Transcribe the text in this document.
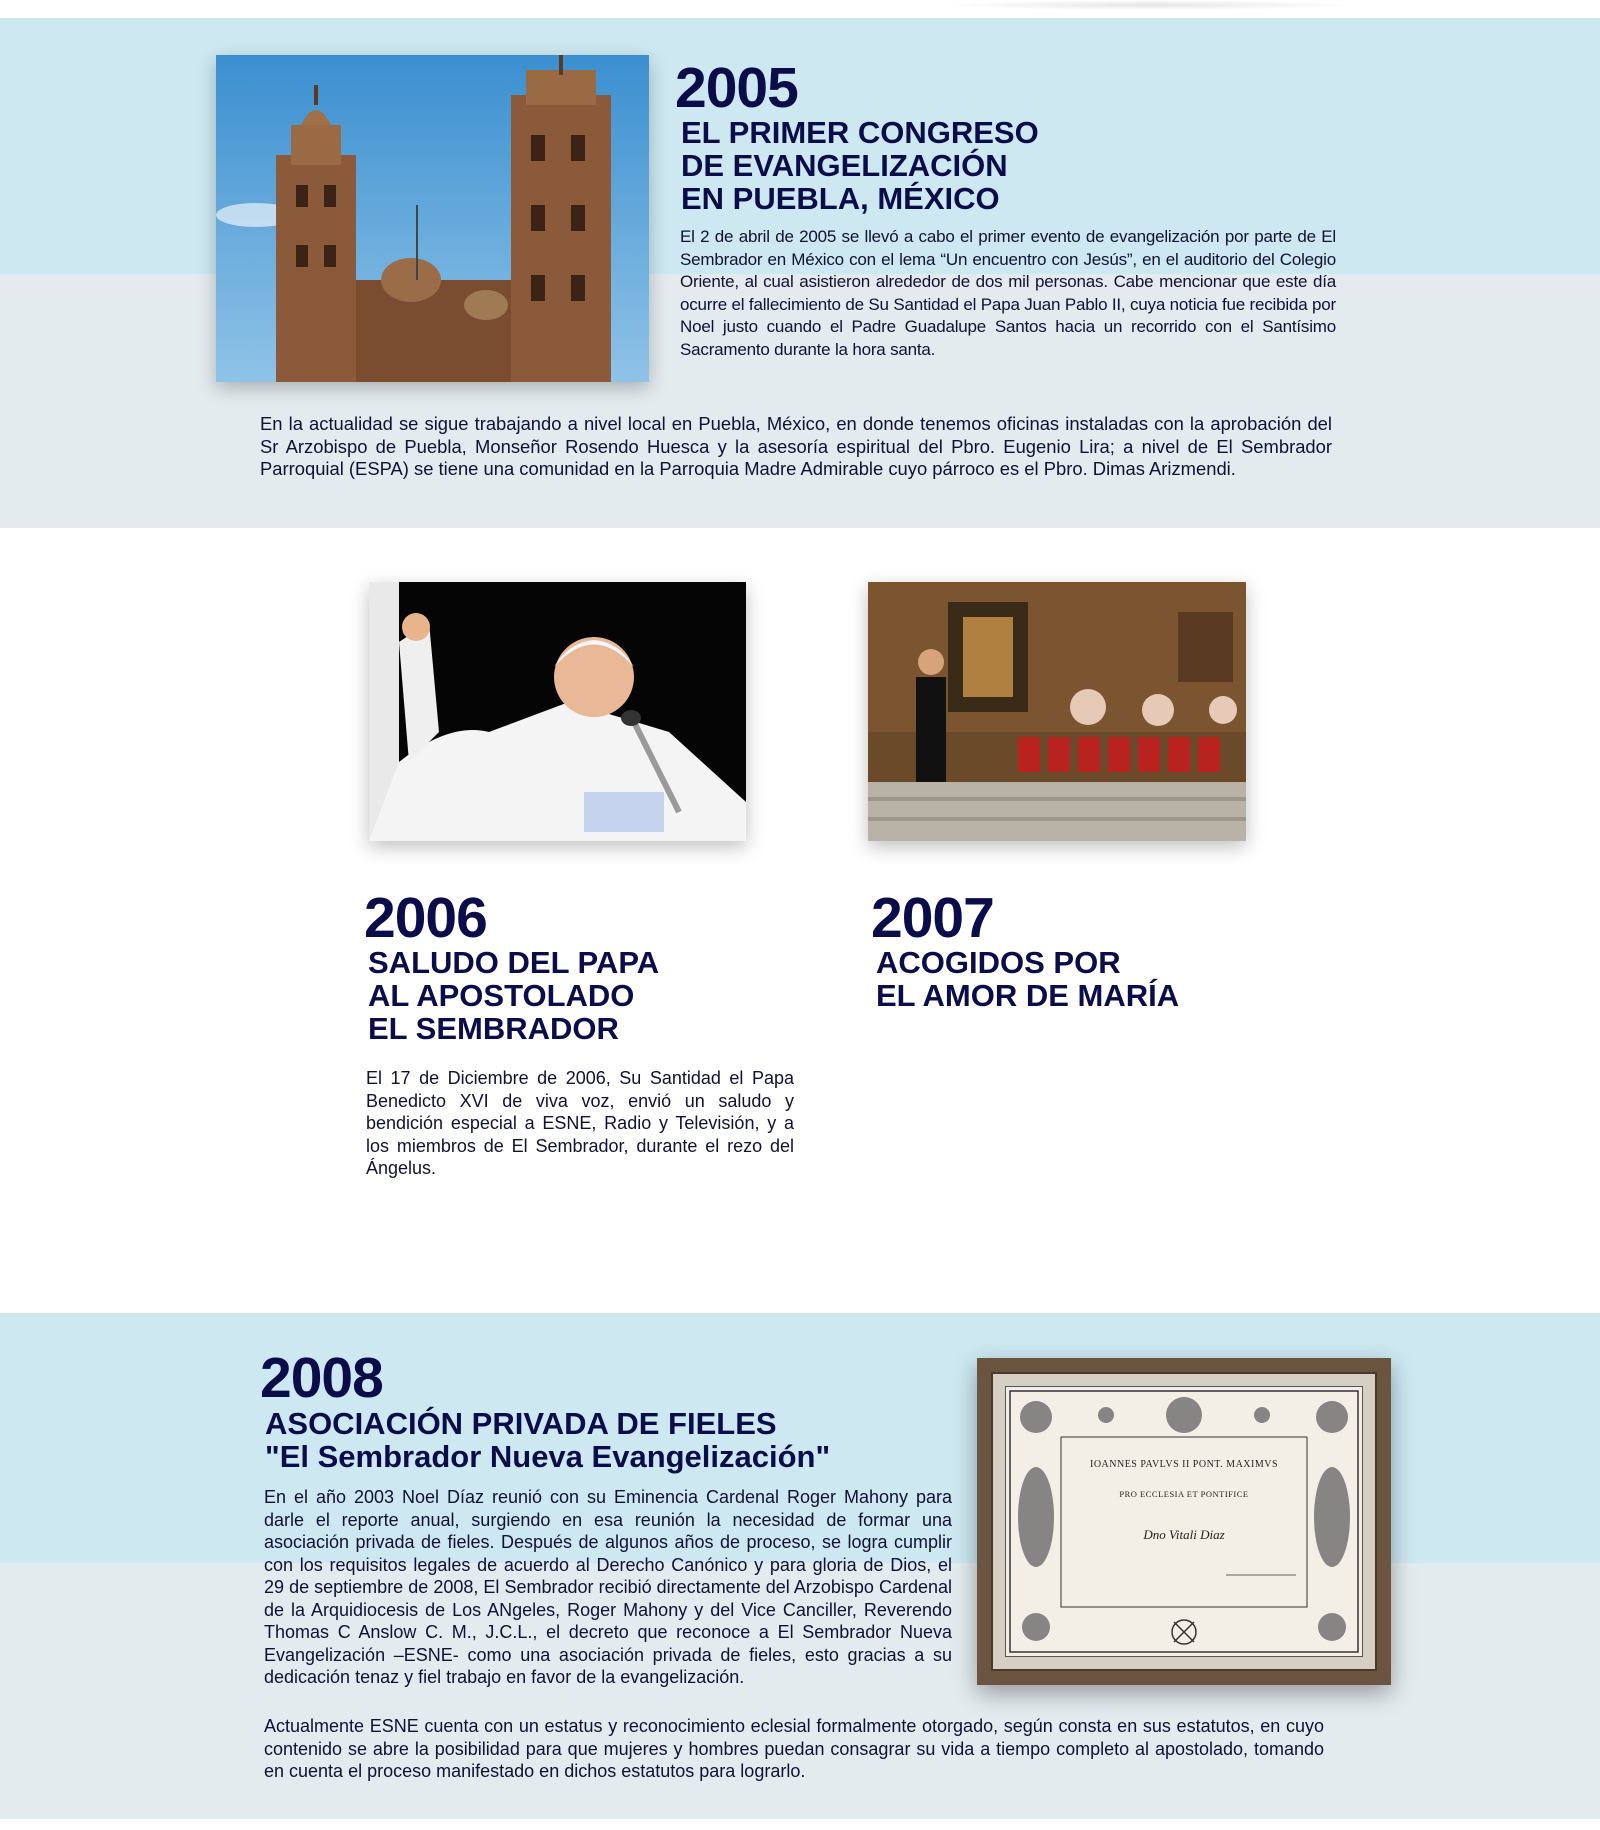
2005
EL PRIMER CONGRESO
DE EVANGELIZACIÓN
EN PUEBLA, MÉXICO

El 2 de abril de 2005 se llevó a cabo el primer evento de evangelización por parte de El Sembrador en México con el lema “Un encuentro con Jesús”, en el auditorio del Colegio Oriente, al cual asistieron alrededor de dos mil personas. Cabe mencionar que este día ocurre el fallecimiento de Su Santidad el Papa Juan Pablo II, cuya noticia fue recibida por Noel justo cuando el Padre Guadalupe Santos hacia un recorrido con el Santísimo Sacramento durante la hora santa.

En la actualidad se sigue trabajando a nivel local en Puebla, México, en donde tenemos oficinas instaladas con la aprobación del Sr Arzobispo de Puebla, Monseñor Rosendo Huesca y la asesoría espiritual del Pbro. Eugenio Lira; a nivel de El Sembrador Parroquial (ESPA) se tiene una comunidad en la Parroquia Madre Admirable cuyo párroco es el Pbro. Dimas Arizmendi.

2006
SALUDO DEL PAPA
AL APOSTOLADO
EL SEMBRADOR

El 17 de Diciembre de 2006, Su Santidad el Papa Benedicto XVI de viva voz, envió un saludo y bendición especial a ESNE, Radio y Televisión, y a los miembros de El Sembrador, durante el rezo del Ángelus.

2007
ACOGIDOS POR
EL AMOR DE MARÍA
2008
ASOCIACIÓN PRIVADA DE FIELES
"El Sembrador Nueva Evangelización"

En el año 2003 Noel Díaz reunió con su Eminencia Cardenal Roger Mahony para darle el reporte anual, surgiendo en esa reunión la necesidad de formar una asociación privada de fieles. Después de algunos años de proceso, se logra cumplir con los requisitos legales de acuerdo al Derecho Canónico y para gloria de Dios, el 29 de septiembre de 2008, El Sembrador recibió directamente del Arzobispo Cardenal de la Arquidiocesis de Los ANgeles, Roger Mahony y del Vice Canciller, Reverendo Thomas C Anslow C. M., J.C.L., el decreto que reconoce a El Sembrador Nueva Evangelización –ESNE- como una asociación privada de fieles, esto gracias a su dedicación tenaz y fiel trabajo en favor de la evangelización.

Actualmente ESNE cuenta con un estatus y reconocimiento eclesial formalmente otorgado, según consta en sus estatutos, en cuyo contenido se abre la posibilidad para que mujeres y hombres puedan consagrar su vida a tiempo completo al apostolado, tomando en cuenta el proceso manifestado en dichos estatutos para lograrlo.

IOANNES PAVLVS II PONT. MAXIMVS
PRO ECCLESIA ET PONTIFICE
Dno Vitali Diaz
